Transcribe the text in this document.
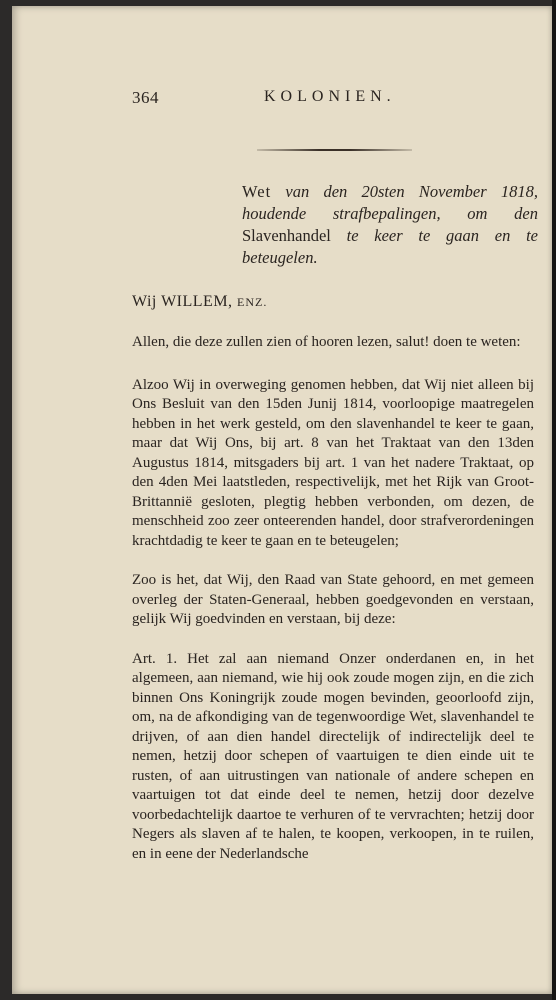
364	KOLONIEN.
Wet van den 20sten November 1818, houdende strafbepalingen, om den Slavenhandel te keer te gaan en te beteugelen.
Wij WILLEM, ENZ.

Allen, die deze zullen zien of hooren lezen, salut! doen te weten:

Alzoo Wij in overweging genomen hebben, dat Wij niet alleen bij Ons Besluit van den 15den Junij 1814, voorloopige maatregelen hebben in het werk gesteld, om den slavenhandel te keer te gaan, maar dat Wij Ons, bij art. 8 van het Traktaat van den 13den Augustus 1814, mitsgaders bij art. 1 van het nadere Traktaat, op den 4den Mei laatstleden, respectivelijk, met het Rijk van Groot-Brittannië gesloten, plegtig hebben verbonden, om dezen, de menschheid zoo zeer onteerenden handel, door strafverordeningen krachtdadig te keer te gaan en te beteugelen;

Zoo is het, dat Wij, den Raad van State gehoord, en met gemeen overleg der Staten-Generaal, hebben goedgevonden en verstaan, gelijk Wij goedvinden en verstaan, bij deze:

Art. 1. Het zal aan niemand Onzer onderdanen en, in het algemeen, aan niemand, wie hij ook zoude mogen zijn, en die zich binnen Ons Koningrijk zoude mogen bevinden, geoorloofd zijn, om, na de afkondiging van de tegenwoordige Wet, slavenhandel te drijven, of aan dien handel directelijk of indirectelijk deel te nemen, hetzij door schepen of vaartuigen te dien einde uit te rusten, of aan uitrustingen van nationale of andere schepen en vaartuigen tot dat einde deel te nemen, hetzij door dezelve voorbedachtelijk daartoe te verhuren of te vervrachten; hetzij door Negers als slaven af te halen, te koopen, verkoopen, in te ruilen, en in eene der Nederlandsche
